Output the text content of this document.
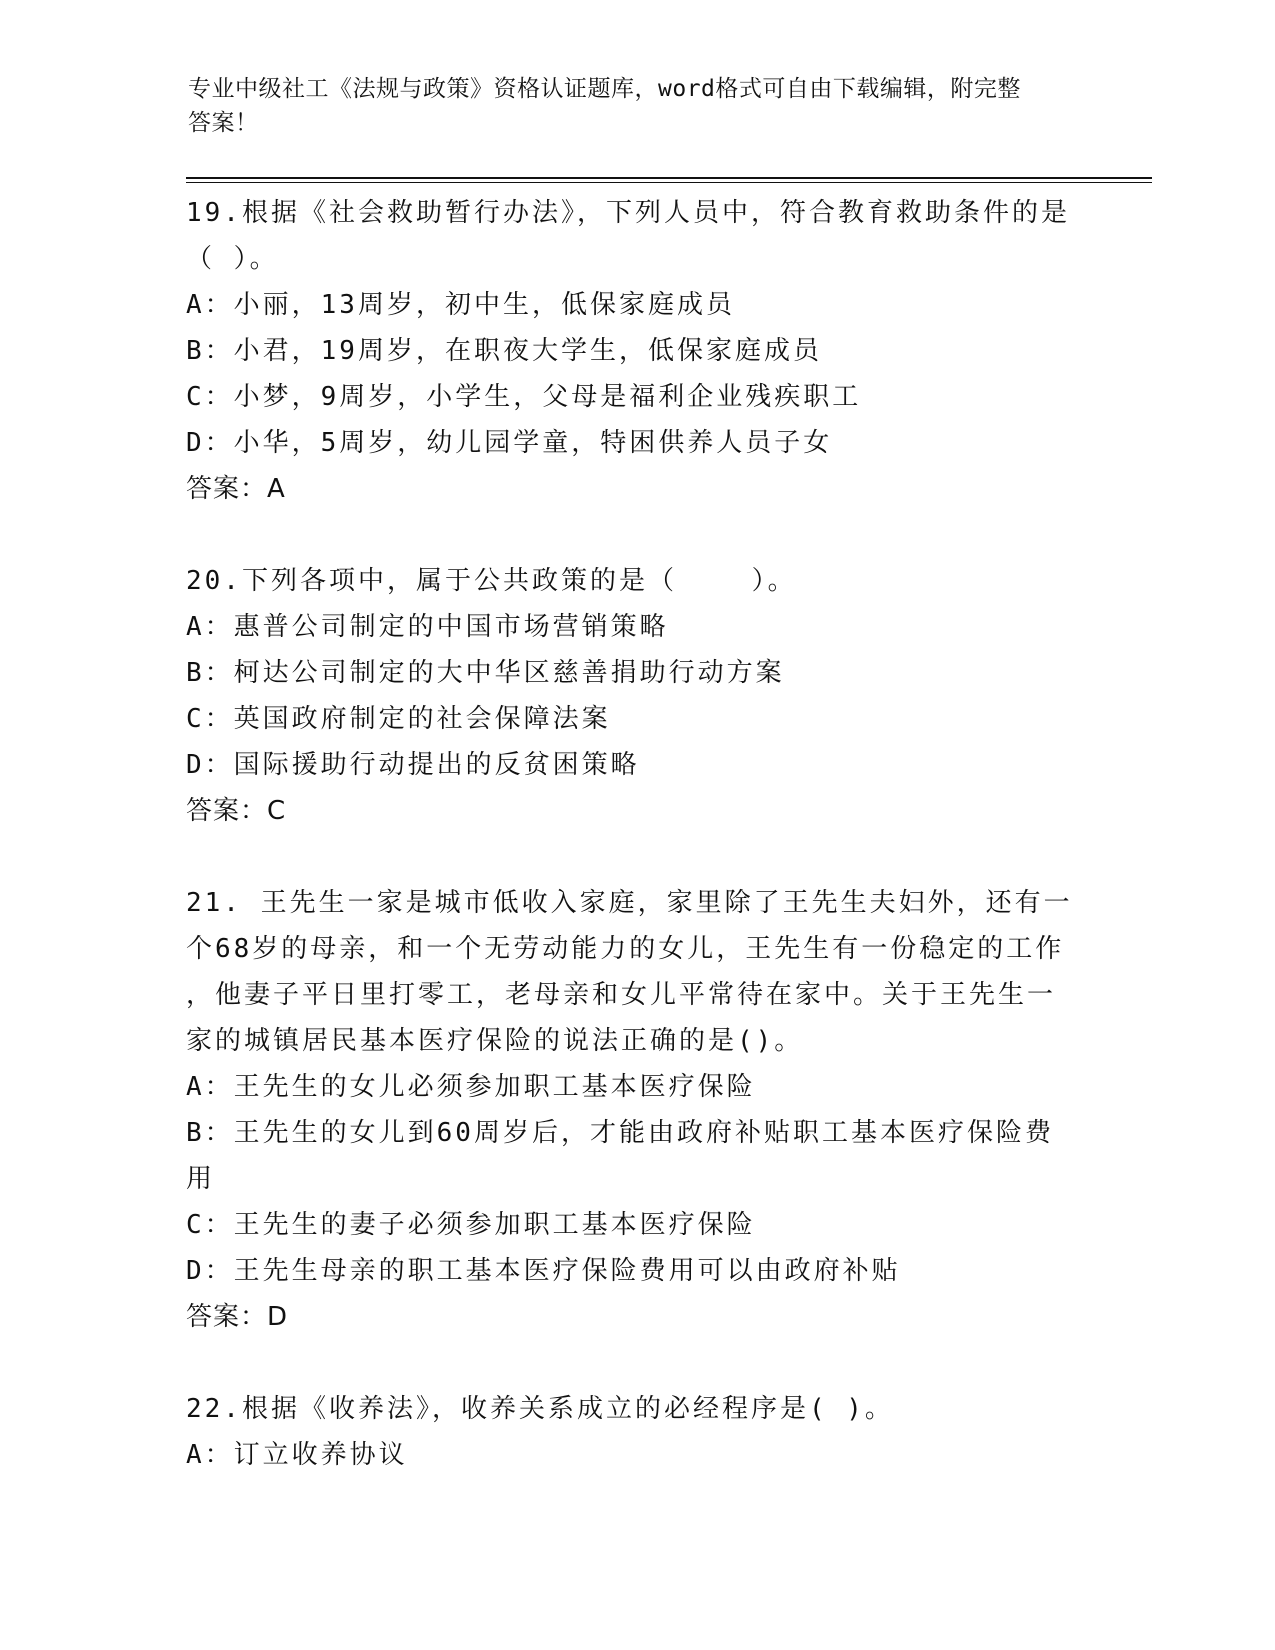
专业中级社工《法规与政策》资格认证题库，word格式可自由下载编辑，附完整
答案！
19.根据《社会救助暂行办法》，下列人员中，符合教育救助条件的是
（ ）。
A：小丽，13周岁，初中生，低保家庭成员
B：小君，19周岁，在职夜大学生，低保家庭成员
C：小梦，9周岁，小学生，父母是福利企业残疾职工
D：小华，5周岁，幼儿园学童，特困供养人员子女
答案：A
20.下列各项中，属于公共政策的是（    ）。
A：惠普公司制定的中国市场营销策略
B：柯达公司制定的大中华区慈善捐助行动方案
C：英国政府制定的社会保障法案
D：国际援助行动提出的反贫困策略
答案：C
21. 王先生一家是城市低收入家庭，家里除了王先生夫妇外，还有一
个68岁的母亲，和一个无劳动能力的女儿，王先生有一份稳定的工作
，他妻子平日里打零工，老母亲和女儿平常待在家中。关于王先生一
家的城镇居民基本医疗保险的说法正确的是()。
A：王先生的女儿必须参加职工基本医疗保险
B：王先生的女儿到60周岁后，才能由政府补贴职工基本医疗保险费
用
C：王先生的妻子必须参加职工基本医疗保险
D：王先生母亲的职工基本医疗保险费用可以由政府补贴
答案：D
22.根据《收养法》，收养关系成立的必经程序是( )。
A：订立收养协议
